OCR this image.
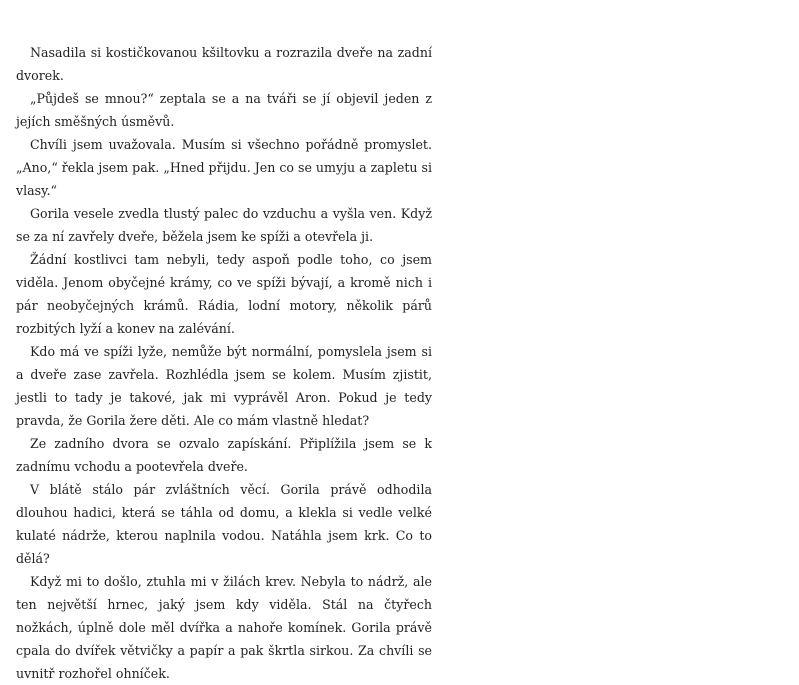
Nasadila si kostičkovanou kšiltovku a rozrazila dveře na zadní dvorek.

„Půjdeš se mnou?“ zeptala se a na tváři se jí objevil jeden z jejích směšných úsměvů.

Chvíli jsem uvažovala. Musím si všechno pořádně promyslet. „Ano,“ řekla jsem pak. „Hned přijdu. Jen co se umyju a zapletu si vlasy.“

Gorila vesele zvedla tlustý palec do vzduchu a vyšla ven. Když se za ní zavřely dveře, běžela jsem ke spíži a otevřela ji.

Žádní kostlivci tam nebyli, tedy aspoň podle toho, co jsem viděla. Jenom obyčejné krámy, co ve spíži bývají, a kromě nich i pár neobyčejných krámů. Rádia, lodní motory, několik párů rozbitých lyží a konev na zalévání.

Kdo má ve spíži lyže, nemůže být normální, pomyslela jsem si a dveře zase zavřela. Rozhlédla jsem se kolem. Musím zjistit, jestli to tady je takové, jak mi vyprávěl Aron. Pokud je tedy pravda, že Gorila žere děti. Ale co mám vlastně hledat?

Ze zadního dvora se ozvalo zapískání. Připlížila jsem se k zadnímu vchodu a pootevřela dveře.

V blátě stálo pár zvláštních věcí. Gorila právě odhodila dlouhou hadici, která se táhla od domu, a klekla si vedle velké kulaté nádrže, kterou naplnila vodou. Natáhla jsem krk. Co to dělá?

Když mi to došlo, ztuhla mi v žilách krev. Nebyla to nádrž, ale ten největší hrnec, jaký jsem kdy viděla. Stál na čtyřech nožkách, úplně dole měl dvířka a nahoře komínek. Gorila právě cpala do dvířek větvičky a papír a pak škrtla sirkou. Za chvíli se uvnitř rozhořel ohníček.
